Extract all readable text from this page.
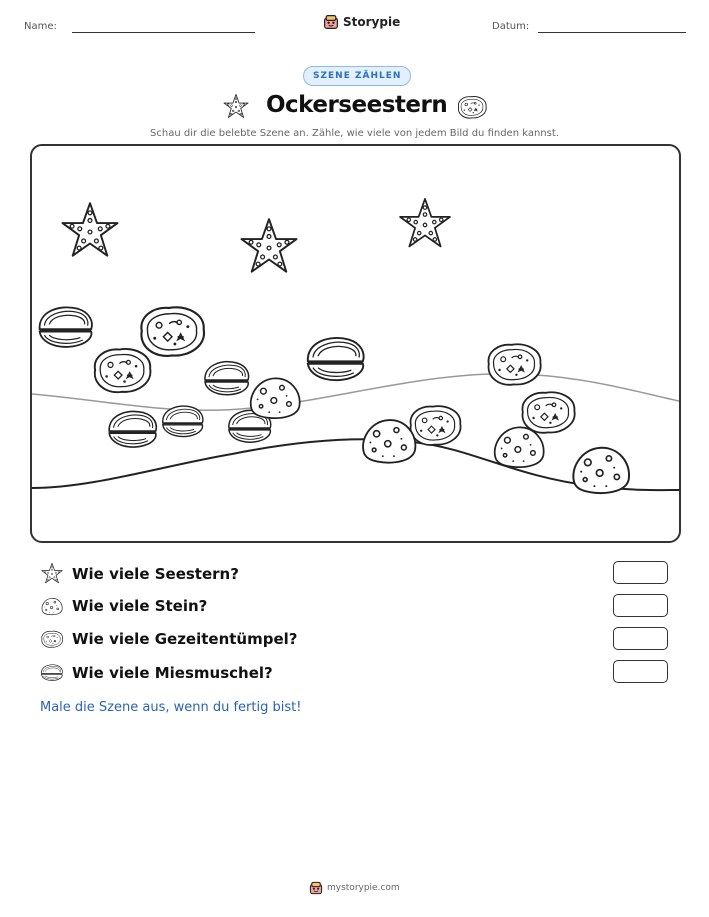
Name:	Storypie	Datum:
SZENE ZÄHLEN
Ockerseestern
Schau dir die belebte Szene an. Zähle, wie viele von jedem Bild du finden kannst.
Wie viele Seestern?
Wie viele Stein?
Wie viele Gezeitentümpel?
Wie viele Miesmuschel?
Male die Szene aus, wenn du fertig bist!
mystorypie.com
